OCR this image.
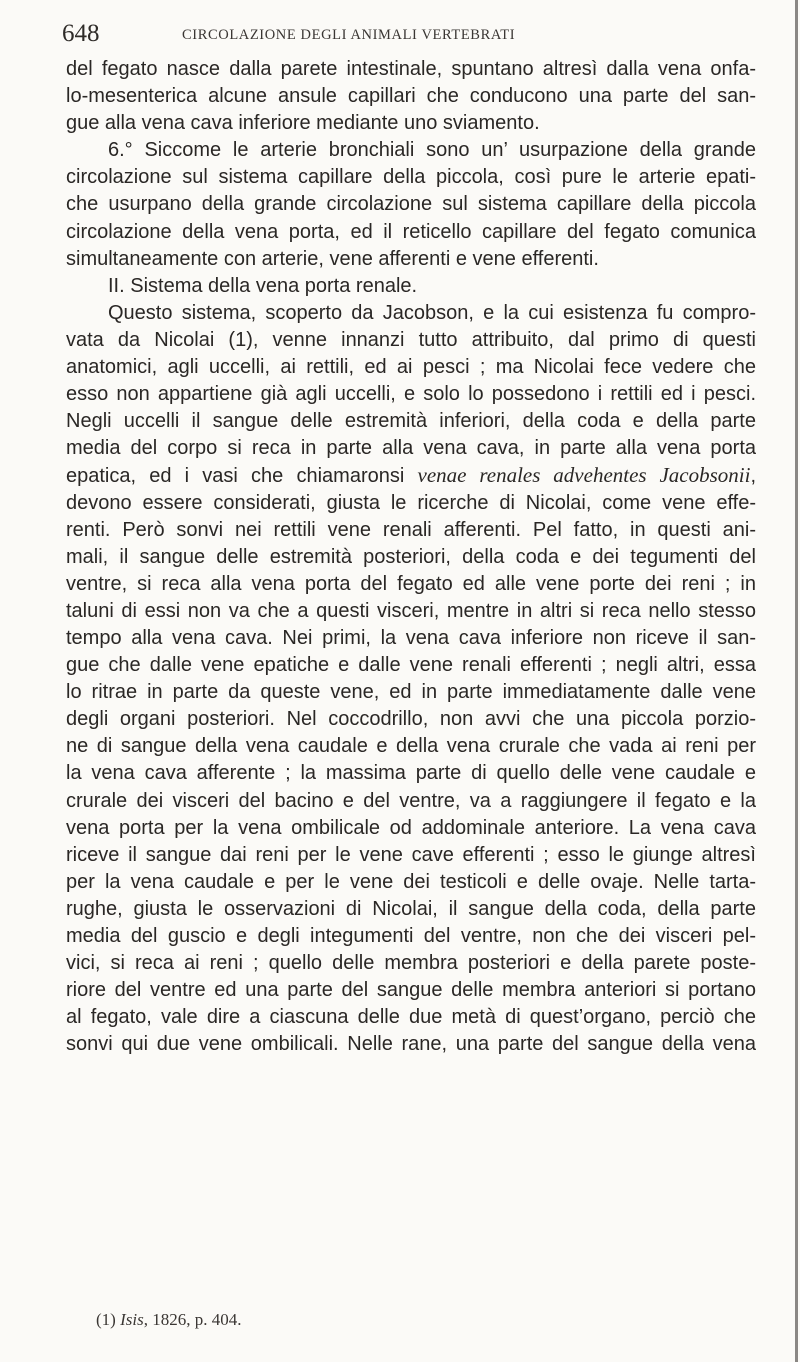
648	CIRCOLAZIONE DEGLI ANIMALI VERTEBRATI
del fegato nasce dalla parete intestinale, spuntano altresì dalla vena onfa-
lo-mesenterica alcune ansule capillari che conducono una parte del san-
gue alla vena cava inferiore mediante uno sviamento.
6.° Siccome le arterie bronchiali sono un’ usurpazione della grande
circolazione sul sistema capillare della piccola, così pure le arterie epati-
che usurpano della grande circolazione sul sistema capillare della piccola
circolazione della vena porta, ed il reticello capillare del fegato comunica
simultaneamente con arterie, vene afferenti e vene efferenti.
II. Sistema della vena porta renale.
Questo sistema, scoperto da Jacobson, e la cui esistenza fu compro-
vata da Nicolai (1), venne innanzi tutto attribuito, dal primo di questi
anatomici, agli uccelli, ai rettili, ed ai pesci ; ma Nicolai fece vedere che
esso non appartiene già agli uccelli, e solo lo possedono i rettili ed i pesci.
Negli uccelli il sangue delle estremità inferiori, della coda e della parte
media del corpo si reca in parte alla vena cava, in parte alla vena porta
epatica, ed i vasi che chiamaronsi venae renales advehentes Jacobsonii,
devono essere considerati, giusta le ricerche di Nicolai, come vene effe-
renti. Però sonvi nei rettili vene renali afferenti. Pel fatto, in questi ani-
mali, il sangue delle estremità posteriori, della coda e dei tegumenti del
ventre, si reca alla vena porta del fegato ed alle vene porte dei reni ; in
taluni di essi non va che a questi visceri, mentre in altri si reca nello stesso
tempo alla vena cava. Nei primi, la vena cava inferiore non riceve il san-
gue che dalle vene epatiche e dalle vene renali efferenti ; negli altri, essa
lo ritrae in parte da queste vene, ed in parte immediatamente dalle vene
degli organi posteriori. Nel coccodrillo, non avvi che una piccola porzio-
ne di sangue della vena caudale e della vena crurale che vada ai reni per
la vena cava afferente ; la massima parte di quello delle vene caudale e
crurale dei visceri del bacino e del ventre, va a raggiungere il fegato e la
vena porta per la vena ombilicale od addominale anteriore. La vena cava
riceve il sangue dai reni per le vene cave efferenti ; esso le giunge altresì
per la vena caudale e per le vene dei testicoli e delle ovaje. Nelle tarta-
rughe, giusta le osservazioni di Nicolai, il sangue della coda, della parte
media del guscio e degli integumenti del ventre, non che dei visceri pel-
vici, si reca ai reni ; quello delle membra posteriori e della parete poste-
riore del ventre ed una parte del sangue delle membra anteriori si portano
al fegato, vale dire a ciascuna delle due metà di quest’organo, perciò che
sonvi qui due vene ombilicali. Nelle rane, una parte del sangue della vena
(1) Isis, 1826, p. 404.
